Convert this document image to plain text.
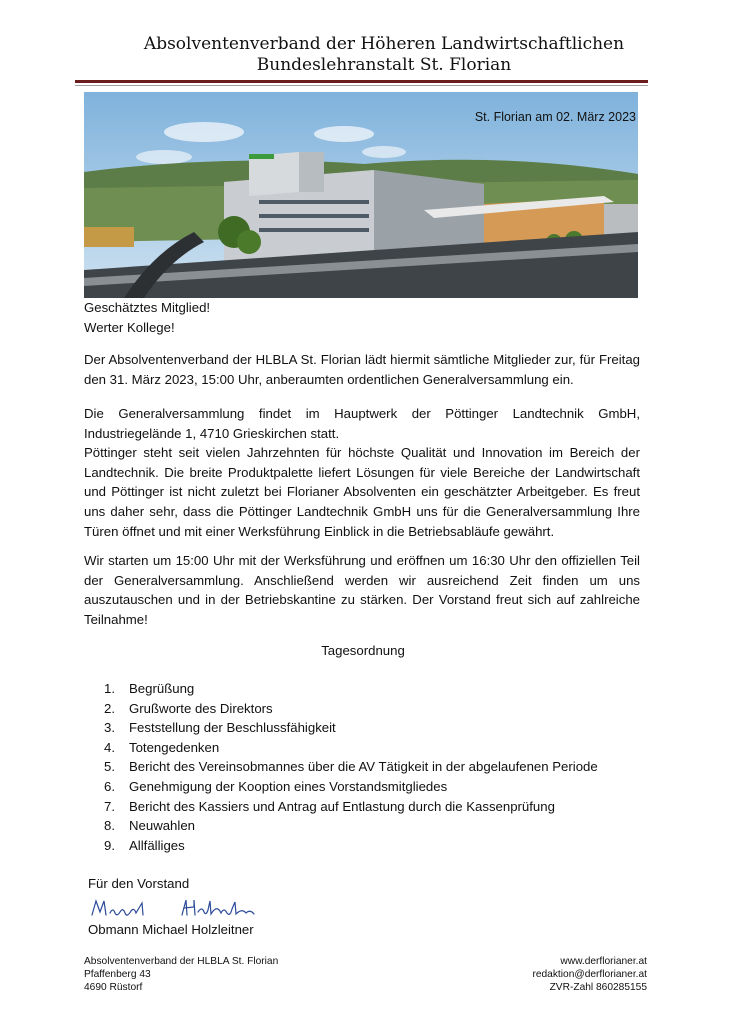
Absolventenverband der Höheren Landwirtschaftlichen
Bundeslehranstalt St. Florian
St. Florian am 02. März 2023
Geschätztes Mitglied!
Werter Kollege!
Der Absolventenverband der HLBLA St. Florian lädt hiermit sämtliche Mitglieder zur, für Freitag den 31. März 2023, 15:00 Uhr, anberaumten ordentlichen Generalversammlung ein.
Die Generalversammlung findet im Hauptwerk der Pöttinger Landtechnik GmbH, Industriegelände 1, 4710 Grieskirchen statt.
Pöttinger steht seit vielen Jahrzehnten für höchste Qualität und Innovation im Bereich der Landtechnik. Die breite Produktpalette liefert Lösungen für viele Bereiche der Landwirtschaft und Pöttinger ist nicht zuletzt bei Florianer Absolventen ein geschätzter Arbeitgeber. Es freut uns daher sehr, dass die Pöttinger Landtechnik GmbH uns für die Generalversammlung Ihre Türen öffnet und mit einer Werksführung Einblick in die Betriebsabläufe gewährt.
Wir starten um 15:00 Uhr mit der Werksführung und eröffnen um 16:30 Uhr den offiziellen Teil der Generalversammlung. Anschließend werden wir ausreichend Zeit finden um uns auszutauschen und in der Betriebskantine zu stärken. Der Vorstand freut sich auf zahlreiche Teilnahme!
Tagesordnung
1.	Begrüßung
2.	Grußworte des Direktors
3.	Feststellung der Beschlussfähigkeit
4.	Totengedenken
5.	Bericht des Vereinsobmannes über die AV Tätigkeit in der abgelaufenen Periode
6.	Genehmigung der Kooption eines Vorstandsmitgliedes
7.	Bericht des Kassiers und Antrag auf Entlastung durch die Kassenprüfung
8.	Neuwahlen
9.	Allfälliges
Für den Vorstand
Obmann Michael Holzleitner
Absolventenverband der HLBLA St. Florian
Pfaffenberg 43
4690 Rüstorf
www.derflorianer.at
redaktion@derflorianer.at
ZVR-Zahl 860285155
